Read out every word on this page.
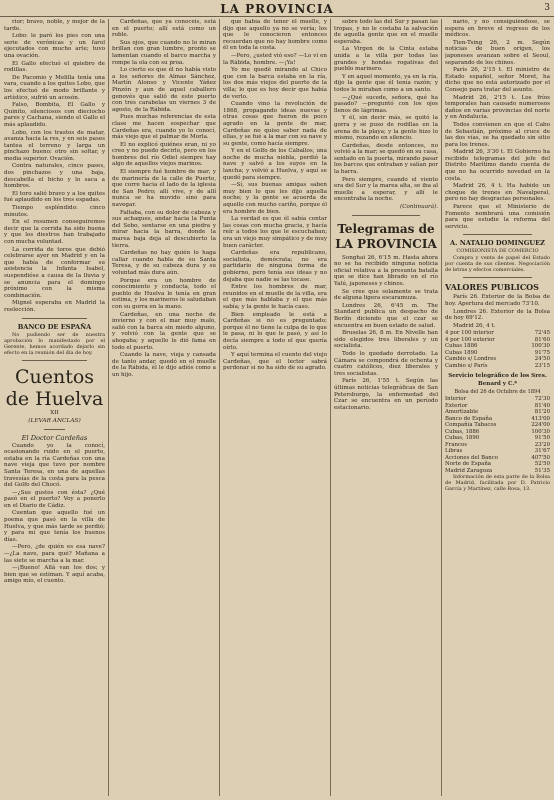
LA PROVINCIA	3

rior; bravo, noble, y mejor de la tarde.

Lobo: le paró los pies con una serie de verónicas y un farol ejecutados con mucho arte; tuvo una ovación.

El Gallo efectuó el quiebro de rodillas.

De Pacomio y Melilla tenía una vara, cuando a los quites Lobo, que los efectuó de modo brillante y artístico, sufrió un acosón.

Falso, Bombita, El Gallo y Quinito, silenciosos con dieciocho pares y Cachana, siendo el Gallo el más aplaudido.

Lobo, con los trastos de matar, avanza hacia la res, y en seis pases tantea el terreno y larga un pinchazo bueno; otro sin soltar, y media superior. Ovación.

Contra naturales, cinco pases, dos pinchazos y una baja, descabella el bicho y lo saca a hombros.

El toro salió bravo y a los quites fué aplaudido en los tres espadas.

Tiempo espléndido: cinco minutos.

En el resumen conseguiremos decir que la corrida ha sido buena y que los diestros han trabajado con mucha voluntad.

La corrida de toros que debió celebrarse ayer en Madrid y en la que había de conformar su asistencia la Infanta Isabel, suspendióse a causa de la lluvia y se anuncia para el domingo próximo con la misma combinación.

Mignel esperaba en Madrid la reelección.

BANCO DE ESPAÑA

No pudiendo ser de nuestra aprobación lo manifestado por el Gerente, hemos acordado dejarlo sin efecto en la reunión del día de hoy.

Cuentos de Huelva
XII
(LEVAR ANCLAS)
El Doctor Cardeñas

Cuando yo la conocí, ocasionando ruido en el puerto, estaba en la ría Cardeñas con una nave vieja que tuvo por nombre Santa Teresa, en una de aquellas travesías de la costa para la pesca del Golfo del Chocó.

—¿Sus gustos con ésta? ¿Qué pasó en el puerto? Voy a ponerlo en el Diario de Cádiz.

Cuentan que aquello fué un poema que pasó en la villa de Huelva, y que más tarde se perdió; y para mí que tenía los buenos días.

—Pero, ¿de quién es esa nave? —¿La nave, para qué? Mañana a las siete se marcha a la mar.

—¡Bueno! Allá van los dos; y bien que se estiman. Y aquí acaba, amigo mío, el cuento.

Cardeñas, que ya conocéis, está en el puerto; allí está como un roble.

Sus ojos, que cuando no lo miran brillan con gran lumbre, pronto se lamentan cuando el barco marcha y rompe la ola con su proa.

Lo cierto es que él no había visto a los señores de Almas Sánchez, Martín Alonso y Vicente Yáñez Pinzón y aun de aquel caballero genovés que salió de este puerto con tres carabelas un viernes 3 de agosto, de la Rábida.

Pues muchas referencias de esta clase me hacen sospechar que Cardeñas era, cuando yo lo conocí, más viejo que el palmar de Morla.

El no explicó quiénes eran, ni yo creo y no puedo decirlo, pero en los hombres del río Odiel siempre hay algo de aquellos viejos marinos.

El siempre fué hombre de mar; y de marinería de la calle de Puerto, que corre hacia el lado de la iglesia de San Pedro; allí vive, y de allí nunca se ha movido sino para navegar.

Faltaba, con su dolor de cabeza y sus achaques, andar hacia la Punta del Sebo, sentarse en una piedra y mirar hacia la barra, donde la marea baja deja al descubierto la tierra.

Cardeñas no hay quién lo haga callar cuando habla de su Santa Teresa, y de su cabeza dura y su voluntad más dura aún.

Porque era un hombre de conocimiento y conducta, todo el pueblo de Huelva le tenía en gran estima, y los marineros le saludaban con su gorra en la mano.

Cardeñas, en una noche de invierno y con el mar muy malo, salió con la barca sin miedo alguno, y volvió con la gente que se ahogaba; y aquello le dió fama en todo el puerto.

Cuando la nave, vieja y cansada de tanto andar, quedó en el muelle de la Rábida, él le dijo adiós como a un hijo.

que había de tener el muelle, y dijo que aquello ya no se vería; los que le conocieron entonces recuerdan que no hay hombre como él en toda la costa.

—Pero, ¿usted vió eso? —Lo vi en la Rábida, hombre. —¡Ya!

Yo me quedé mirando al Chico que con la barca estaba en la ría, los dos más viejos del puerto de la villa; lo que es hoy decir que había de verlo.

Cuando vino la revolución de 1868, propagando ideas nuevas y otras cosas que fueron de poco agrado en la gente de mar, Cardeñas no quiso saber nada de ellas, y se fué a la mar con su nave y su gente, como hacía siempre.

Y en el Golfo de los Caballos, una noche de mucha niebla, perdió la nave y salvó a los suyos en la lancha; y volvió a Huelva, y aquí se quedó para siempre.

—Sí, sus buenas amigas saben muy bien lo que les dijo aquella noche; y la gente se acuerda de aquello con mucho cariño, porque él era hombre de bien.

La verdad es que él sabía contar las cosas con mucha gracia, y hacía reír a todos los que le escuchaban; era un viejo muy simpático y de muy buen carácter.

Cardeñas era republicano, socialista, demócrata; no era partidario de ninguna forma de gobierno, pero tenía sus ideas y no dejaba que nadie se las tocase.

Entre los hombres de mar, reunidos en el muelle de la villa, era el que más hablaba y el que más sabía; y la gente le hacía caso.

Bien empleado le está a Cardeñas si no es preguntado; porque él no tiene la culpa de lo que le pasa, ni lo que le pasó, y así lo decía siempre a todo el que quería oírlo.

Y aquí termina el cuento del viejo Cardeñas, que el lector sabrá perdonar si no ha sido de su agrado.

sobre todo las del Sur y pasan las tropas, y no le costaba la salvación de aquella gente que en el muelle esperaba.

La Virgen de la Cinta estaba unida a la villa por todas las grandes y hondas rogativas del pueblo marinero.

Y en aquel momento, ya en la ría, dijo la gente que él tenía razón; y todos le miraban como a un santo.

—¿Qué sucede, señora, qué ha pasado? —preguntó con los ojos llenos de lágrimas.

Y él, sin decir más, se quitó la gorra y se puso de rodillas en la arena de la playa; y la gente hizo lo mismo, rezando en silencio.

Cardeñas, desde entonces, no volvió a la mar; se quedó en su casa, sentado en la puerta, mirando pasar los barcos que entraban y salían por la barra.

Pero siempre, cuando el viento era del Sur y la marea alta, se iba al muelle a esperar, y allí le encontraba la noche.

(Continuará).

Telegramas de LA PROVINCIA

Songhai 26, 6'15 m. Hasta ahora no se ha recibido ninguna noticia oficial relativa a la presunta batalla que se dice han librado en el río Yalú, japoneses y chinos.

Se cree que solamente se trata de alguna ligera escaramuza.

Londres 26, 6'45 m. The Standard publica un despacho de Berlín diciendo que el czar se encuentra en buen estado de salud.

Bruselas 26, 8 m. En Nivelle han sido elegidos tres liberales y un socialista.

Todo lo quedado derrotado. La Cámara se compondrá de ochenta y cuatro católicos, diez liberales y tres socialistas.

París 26, 1'55 t. Según las últimas noticias telegráficas de San Petersburgo, la enfermedad del Czar se encuentra en un período estacionario.

nario, y no consiguiéndose, se espera en breve el regreso de los médicos.

Tien-Tsing 26, 2 m. Según noticias de buen origen, los japoneses avanzan sobre el Seoul, separando de los chinos.

París 26, 2'15 t. El ministro de Estado español, señor Moret, ha dicho que no está autorizado por el Consejo para tratar del asunto.

Madrid 26, 2'15 t. Los fríos temporales han causado numerosos daños en varias provincias del norte y en Andalucía.

Todos convienen en que el Cabo de Sebastián, próximo al cruce de las dos vías, se ha quedado sin sitio para los trenes.

Madrid 26, 3'30 t. El Gobierno ha recibido telegramas del jefe del Distrito Marítimo dando cuenta de que no ha ocurrido novedad en la costa.

Madrid 26, 4 t. Ha habido un choque de trenes en Navalperal, pero no hay desgracias personales.

Parece que el Ministerio de Fomento nombrará una comisión para que estudie la reforma del servicio.

A. NATALIO DOMINGUEZ
COMISIONISTA DE COMERCIO

Compra y venta de papel del Estado por cuenta de sus clientes. Negociación de letras y efectos comerciales.

VALORES PUBLICOS

París 26. Exterior de la Bolsa de hoy. Apertura del mercado 73'10.

Londres 26. Exterior de la Bolsa de hoy 69'12.

Madrid 26, 4 t.

4 por 100 interior	72'45
4 por 100 exterior	81'60
Cubas 1886	100'30
Cubas 1890	91'75
Cambio s/ Londres	24'50
Cambio s/ París	23'15
Servicio telegráfico de los Sres. Benard y C.ª
Bolsa del 26 de Octubre de 1894
Interior	72'30
Exterior	81'40
Amortizable	81'20
Banco de España	413'00
Compañía Tabacos	224'00
Cubas, 1886	100'30
Cubas, 1890	91'50
Francos	23'20
Libras	31'67
Acciones del Banco	407'50
Norte de España	52'50
Madrid Zaragoza	51'35

Información de esta parte de la Bolsa de Madrid, facilitada por D. Patricio García y Martínez, calle Rosa, 13.
